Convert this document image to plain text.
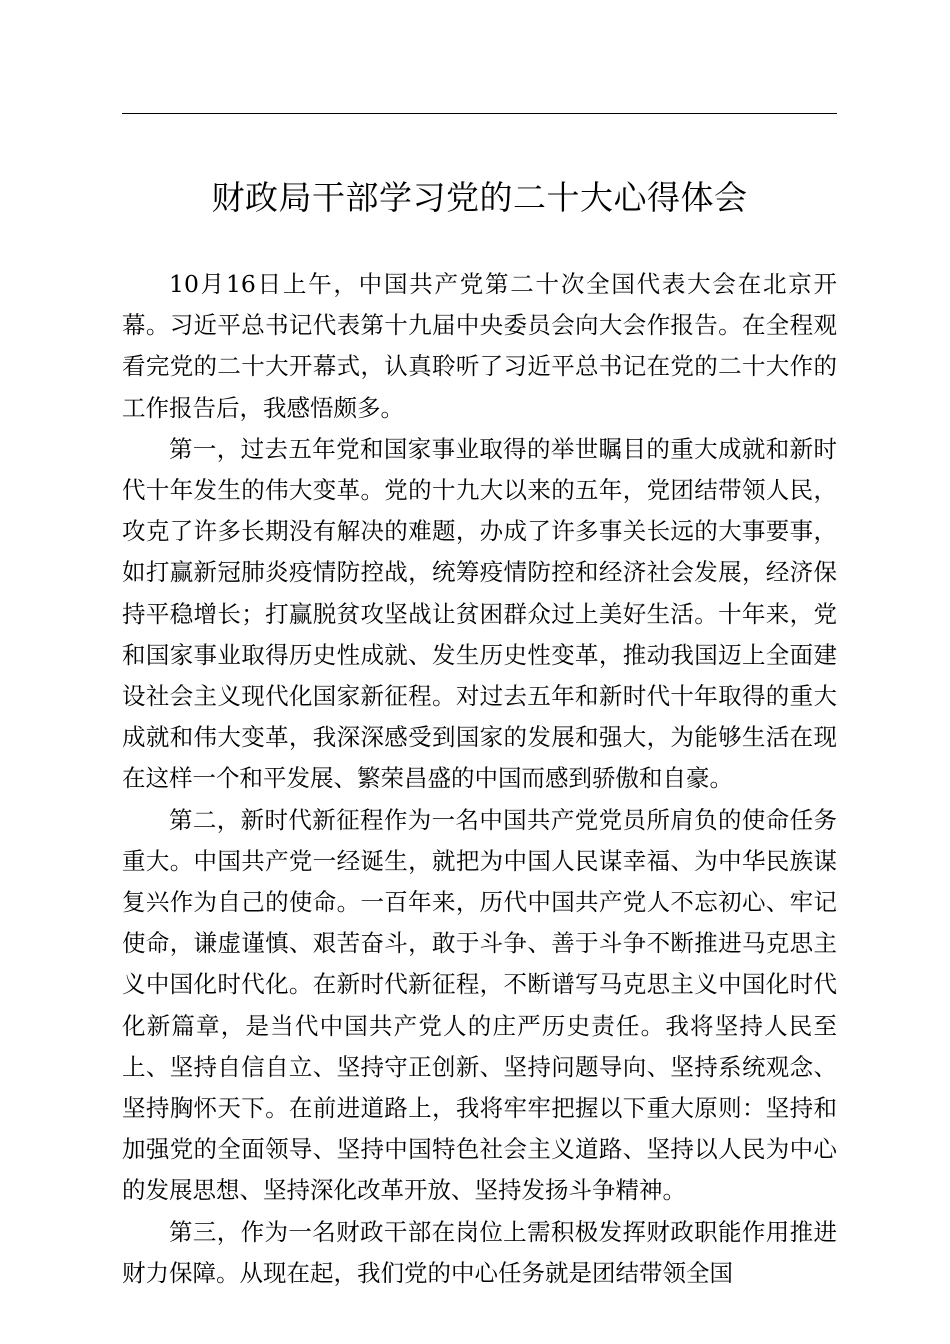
财政局干部学习党的二十大心得体会

10月16日上午，中国共产党第二十次全国代表大会在北京开幕。习近平总书记代表第十九届中央委员会向大会作报告。在全程观看完党的二十大开幕式，认真聆听了习近平总书记在党的二十大作的工作报告后，我感悟颇多。

第一，过去五年党和国家事业取得的举世瞩目的重大成就和新时代十年发生的伟大变革。党的十九大以来的五年，党团结带领人民，攻克了许多长期没有解决的难题，办成了许多事关长远的大事要事，如打赢新冠肺炎疫情防控战，统筹疫情防控和经济社会发展，经济保持平稳增长；打赢脱贫攻坚战让贫困群众过上美好生活。十年来，党和国家事业取得历史性成就、发生历史性变革，推动我国迈上全面建设社会主义现代化国家新征程。对过去五年和新时代十年取得的重大成就和伟大变革，我深深感受到国家的发展和强大，为能够生活在现在这样一个和平发展、繁荣昌盛的中国而感到骄傲和自豪。

第二，新时代新征程作为一名中国共产党党员所肩负的使命任务重大。中国共产党一经诞生，就把为中国人民谋幸福、为中华民族谋复兴作为自己的使命。一百年来，历代中国共产党人不忘初心、牢记使命，谦虚谨慎、艰苦奋斗，敢于斗争、善于斗争不断推进马克思主义中国化时代化。在新时代新征程，不断谱写马克思主义中国化时代化新篇章，是当代中国共产党人的庄严历史责任。我将坚持人民至上、坚持自信自立、坚持守正创新、坚持问题导向、坚持系统观念、坚持胸怀天下。在前进道路上，我将牢牢把握以下重大原则：坚持和加强党的全面领导、坚持中国特色社会主义道路、坚持以人民为中心的发展思想、坚持深化改革开放、坚持发扬斗争精神。

第三，作为一名财政干部在岗位上需积极发挥财政职能作用推进财力保障。从现在起，我们党的中心任务就是团结带领全国
